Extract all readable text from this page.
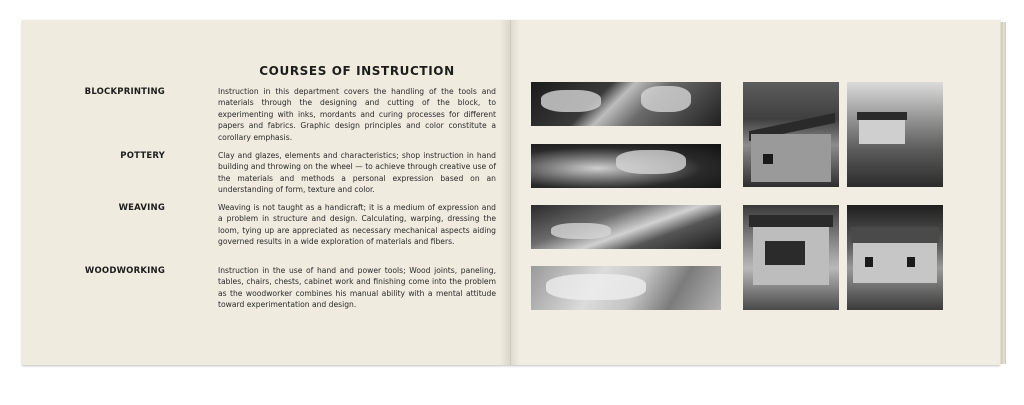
COURSES OF INSTRUCTION
BLOCKPRINTING	Instruction in this department covers the handling of the tools and materials through the designing and cutting of the block, to experimenting with inks, mordants and curing processes for different papers and fabrics. Graphic design principles and color constitute a corollary emphasis.
POTTERY	Clay and glazes, elements and characteristics; shop instruction in hand building and throwing on the wheel — to achieve through creative use of the materials and methods a personal expression based on an understanding of form, texture and color.
WEAVING	Weaving is not taught as a handicraft; it is a medium of expression and a problem in structure and design. Calculating, warping, dressing the loom, tying up are appreciated as necessary mechanical aspects aiding governed results in a wide exploration of materials and fibers.
WOODWORKING	Instruction in the use of hand and power tools; Wood joints, paneling, tables, chairs, chests, cabinet work and finishing come into the problem as the woodworker combines his manual ability with a mental attitude toward experimentation and design.
